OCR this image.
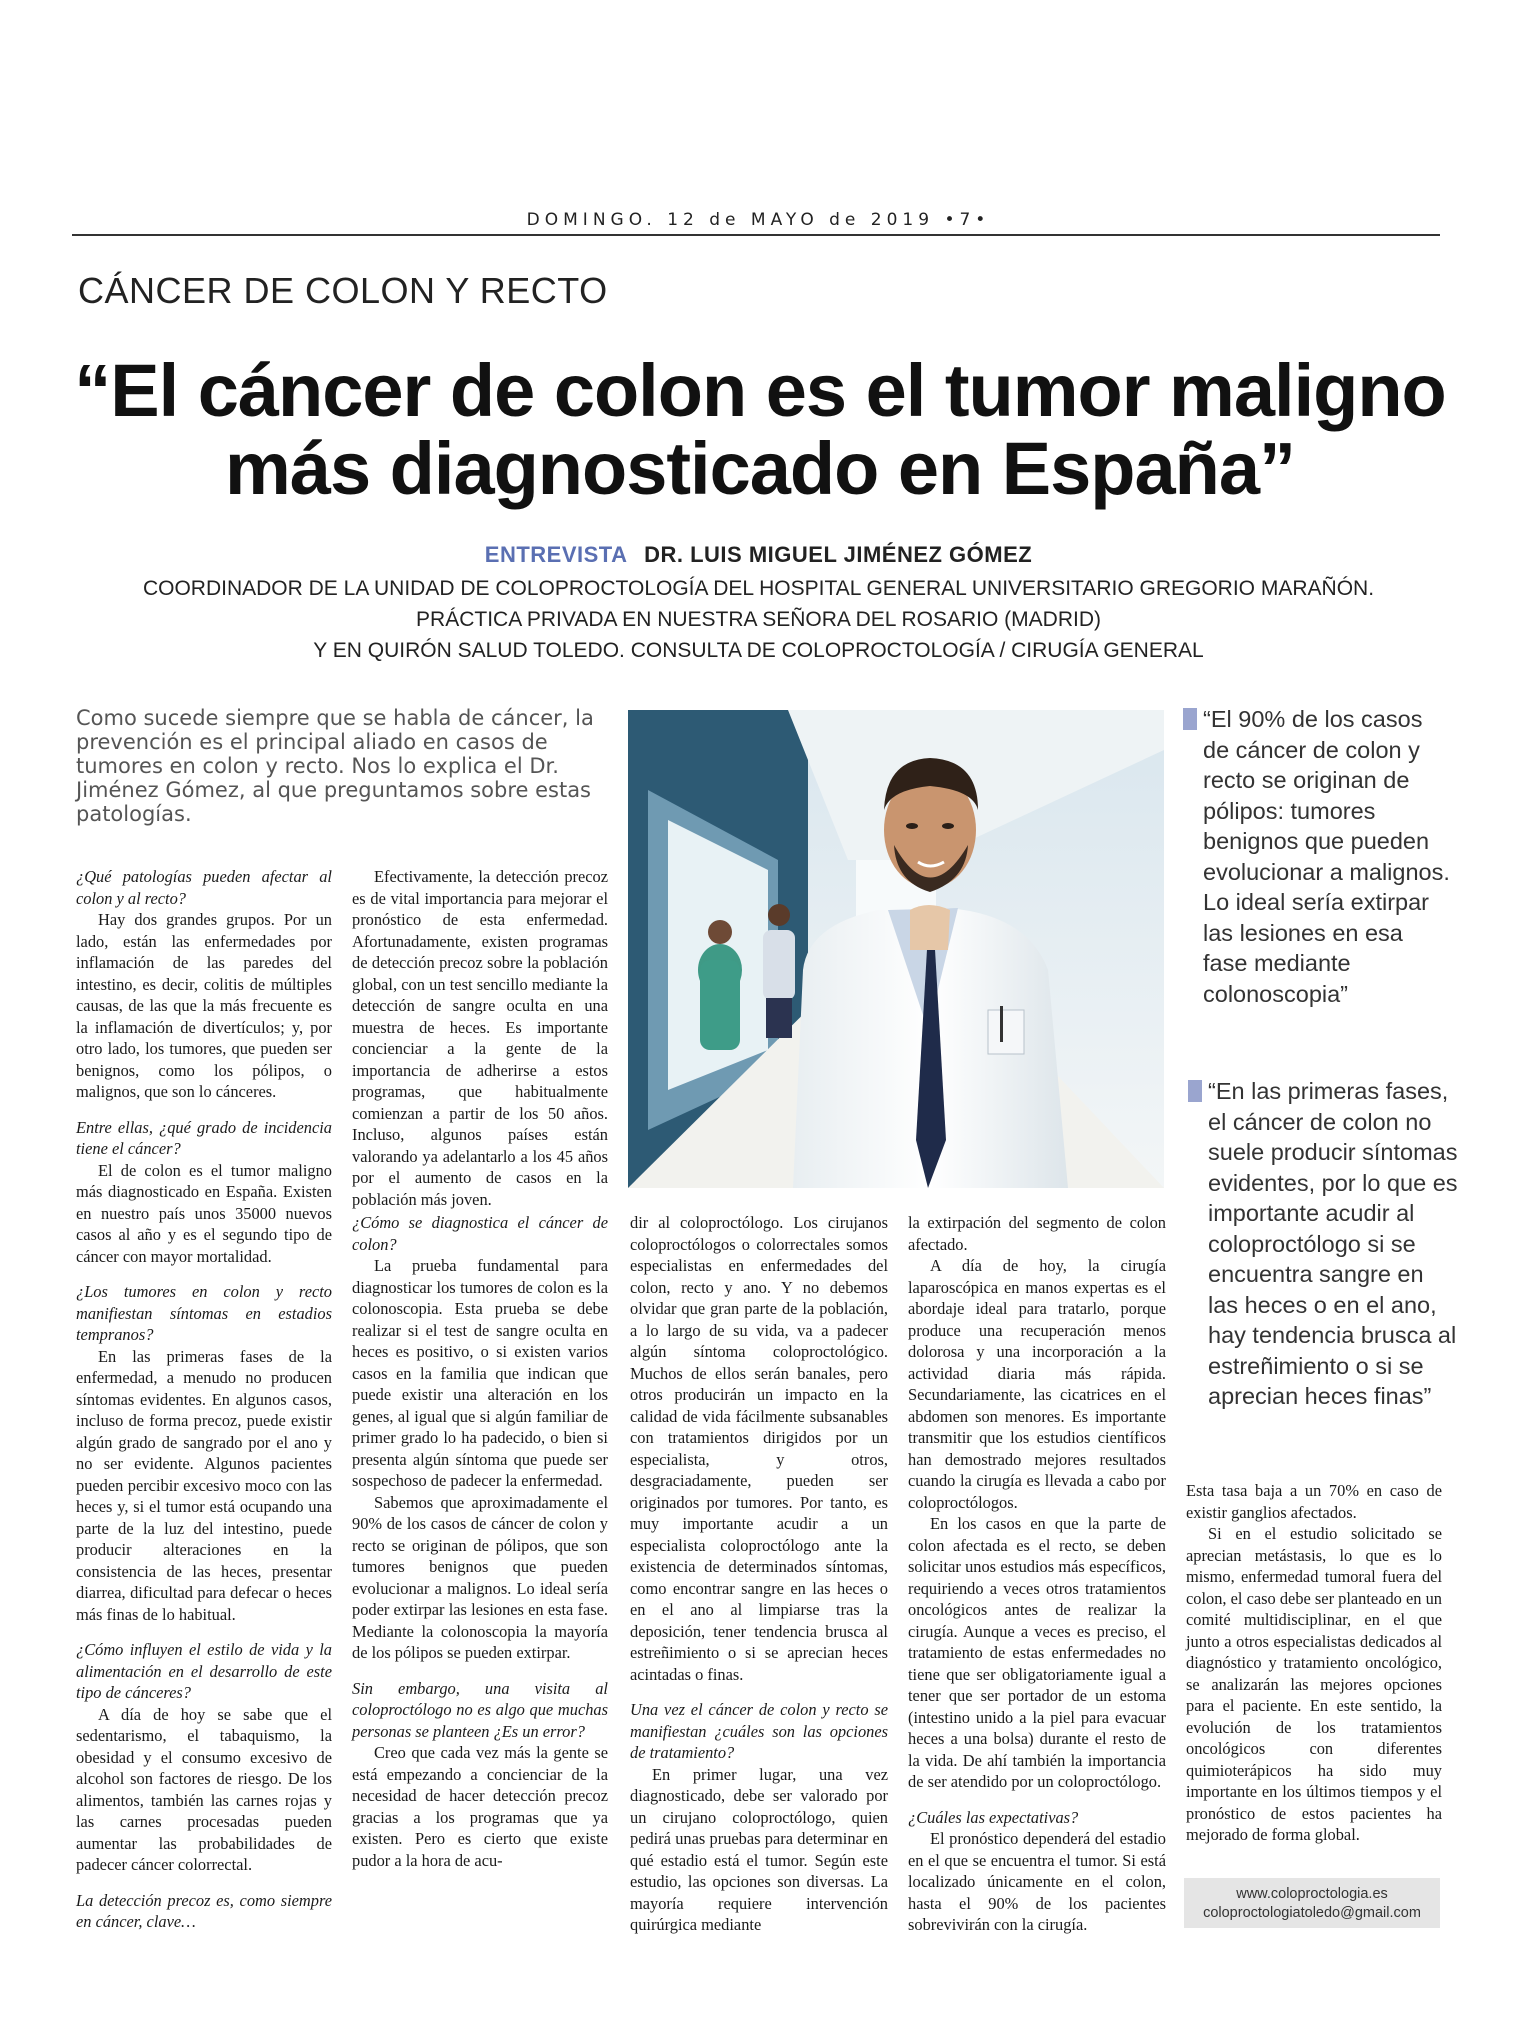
DOMINGO. 12 de MAYO de 2019 •7•
CÁNCER DE COLON Y RECTO
“El cáncer de colon es el tumor maligno
más diagnosticado en España”
ENTREVISTA DR. LUIS MIGUEL JIMÉNEZ GÓMEZ
COORDINADOR DE LA UNIDAD DE COLOPROCTOLOGÍA DEL HOSPITAL GENERAL UNIVERSITARIO GREGORIO MARAÑÓN.
PRÁCTICA PRIVADA EN NUESTRA SEÑORA DEL ROSARIO (MADRID)
Y EN QUIRÓN SALUD TOLEDO. CONSULTA DE COLOPROCTOLOGÍA / CIRUGÍA GENERAL
Como sucede siempre que se habla de cáncer, la prevención es el principal aliado en casos de tumores en colon y recto. Nos lo explica el Dr. Jiménez Gómez, al que preguntamos sobre estas patologías.

¿Qué patologías pueden afectar al colon y al recto?

Hay dos grandes grupos. Por un lado, están las enfermedades por inflamación de las paredes del intestino, es decir, colitis de múltiples causas, de las que la más frecuente es la inflamación de divertículos; y, por otro lado, los tumores, que pueden ser benignos, como los pólipos, o malignos, que son lo cánceres.

Entre ellas, ¿qué grado de incidencia tiene el cáncer?

El de colon es el tumor maligno más diagnosticado en España. Existen en nuestro país unos 35000 nuevos casos al año y es el segundo tipo de cáncer con mayor mortalidad.

¿Los tumores en colon y recto manifiestan síntomas en estadios tempranos?

En las primeras fases de la enfermedad, a menudo no producen síntomas evidentes. En algunos casos, incluso de forma precoz, puede existir algún grado de sangrado por el ano y no ser evidente. Algunos pacientes pueden percibir excesivo moco con las heces y, si el tumor está ocupando una parte de la luz del intestino, puede producir alteraciones en la consistencia de las heces, presentar diarrea, dificultad para defecar o heces más finas de lo habitual.

¿Cómo influyen el estilo de vida y la alimentación en el desarrollo de este tipo de cánceres?

A día de hoy se sabe que el sedentarismo, el tabaquismo, la obesidad y el consumo excesivo de alcohol son factores de riesgo. De los alimentos, también las carnes rojas y las carnes procesadas pueden aumentar las probabilidades de padecer cáncer colorrectal.

La detección precoz es, como siempre en cáncer, clave…

Efectivamente, la detección precoz es de vital importancia para mejorar el pronóstico de esta enfermedad. Afortunadamente, existen programas de detección precoz sobre la población global, con un test sencillo mediante la detección de sangre oculta en una muestra de heces. Es importante concienciar a la gente de la importancia de adherirse a estos programas, que habitualmente comienzan a partir de los 50 años. Incluso, algunos países están valorando ya adelantarlo a los 45 años por el aumento de casos en la población más joven.

¿Cómo se diagnostica el cáncer de colon?

La prueba fundamental para diagnosticar los tumores de colon es la colonoscopia. Esta prueba se debe realizar si el test de sangre oculta en heces es positivo, o si existen varios casos en la familia que indican que puede existir una alteración en los genes, al igual que si algún familiar de primer grado lo ha padecido, o bien si presenta algún síntoma que puede ser sospechoso de padecer la enfermedad.

Sabemos que aproximadamente el 90% de los casos de cáncer de colon y recto se originan de pólipos, que son tumores benignos que pueden evolucionar a malignos. Lo ideal sería poder extirpar las lesiones en esta fase. Mediante la colonoscopia la mayoría de los pólipos se pueden extirpar.

Sin embargo, una visita al coloproctólogo no es algo que muchas personas se planteen ¿Es un error?

Creo que cada vez más la gente se está empezando a concienciar de la necesidad de hacer detección precoz gracias a los programas que ya existen. Pero es cierto que existe pudor a la hora de acu-

dir al coloproctólogo. Los cirujanos coloproctólogos o colorrectales somos especialistas en enfermedades del colon, recto y ano. Y no debemos olvidar que gran parte de la población, a lo largo de su vida, va a padecer algún síntoma coloproctológico. Muchos de ellos serán banales, pero otros producirán un impacto en la calidad de vida fácilmente subsanables con tratamientos dirigidos por un especialista, y otros, desgraciadamente, pueden ser originados por tumores. Por tanto, es muy importante acudir a un especialista coloproctólogo ante la existencia de determinados síntomas, como encontrar sangre en las heces o en el ano al limpiarse tras la deposición, tener tendencia brusca al estreñimiento o si se aprecian heces acintadas o finas.

Una vez el cáncer de colon y recto se manifiestan ¿cuáles son las opciones de tratamiento?

En primer lugar, una vez diagnosticado, debe ser valorado por un cirujano coloproctólogo, quien pedirá unas pruebas para determinar en qué estadio está el tumor. Según este estudio, las opciones son diversas. La mayoría requiere intervención quirúrgica mediante

la extirpación del segmento de colon afectado.

A día de hoy, la cirugía laparoscópica en manos expertas es el abordaje ideal para tratarlo, porque produce una recuperación menos dolorosa y una incorporación a la actividad diaria más rápida. Secundariamente, las cicatrices en el abdomen son menores. Es importante transmitir que los estudios científicos han demostrado mejores resultados cuando la cirugía es llevada a cabo por coloproctólogos.

En los casos en que la parte de colon afectada es el recto, se deben solicitar unos estudios más específicos, requiriendo a veces otros tratamientos oncológicos antes de realizar la cirugía. Aunque a veces es preciso, el tratamiento de estas enfermedades no tiene que ser obligatoriamente igual a tener que ser portador de un estoma (intestino unido a la piel para evacuar heces a una bolsa) durante el resto de la vida. De ahí también la importancia de ser atendido por un coloproctólogo.

¿Cuáles las expectativas?

El pronóstico dependerá del estadio en el que se encuentra el tumor. Si está localizado únicamente en el colon, hasta el 90% de los pacientes sobrevivirán con la cirugía.

“El 90% de los casos de cáncer de colon y recto se originan de pólipos: tumores benignos que pueden evolucionar a malignos. Lo ideal sería extirpar las lesiones en esa fase mediante colonoscopia”
“En las primeras fases, el cáncer de colon no suele producir síntomas evidentes, por lo que es importante acudir al coloproctólogo si se encuentra sangre en las heces o en el ano, hay tendencia brusca al estreñimiento o si se aprecian heces finas”

Esta tasa baja a un 70% en caso de existir ganglios afectados.

Si en el estudio solicitado se aprecian metástasis, lo que es lo mismo, enfermedad tumoral fuera del colon, el caso debe ser planteado en un comité multidisciplinar, en el que junto a otros especialistas dedicados al diagnóstico y tratamiento oncológico, se analizarán las mejores opciones para el paciente. En este sentido, la evolución de los tratamientos oncológicos con diferentes quimioterápicos ha sido muy importante en los últimos tiempos y el pronóstico de estos pacientes ha mejorado de forma global.

www.coloproctologia.es
coloproctologiatoledo@gmail.com
